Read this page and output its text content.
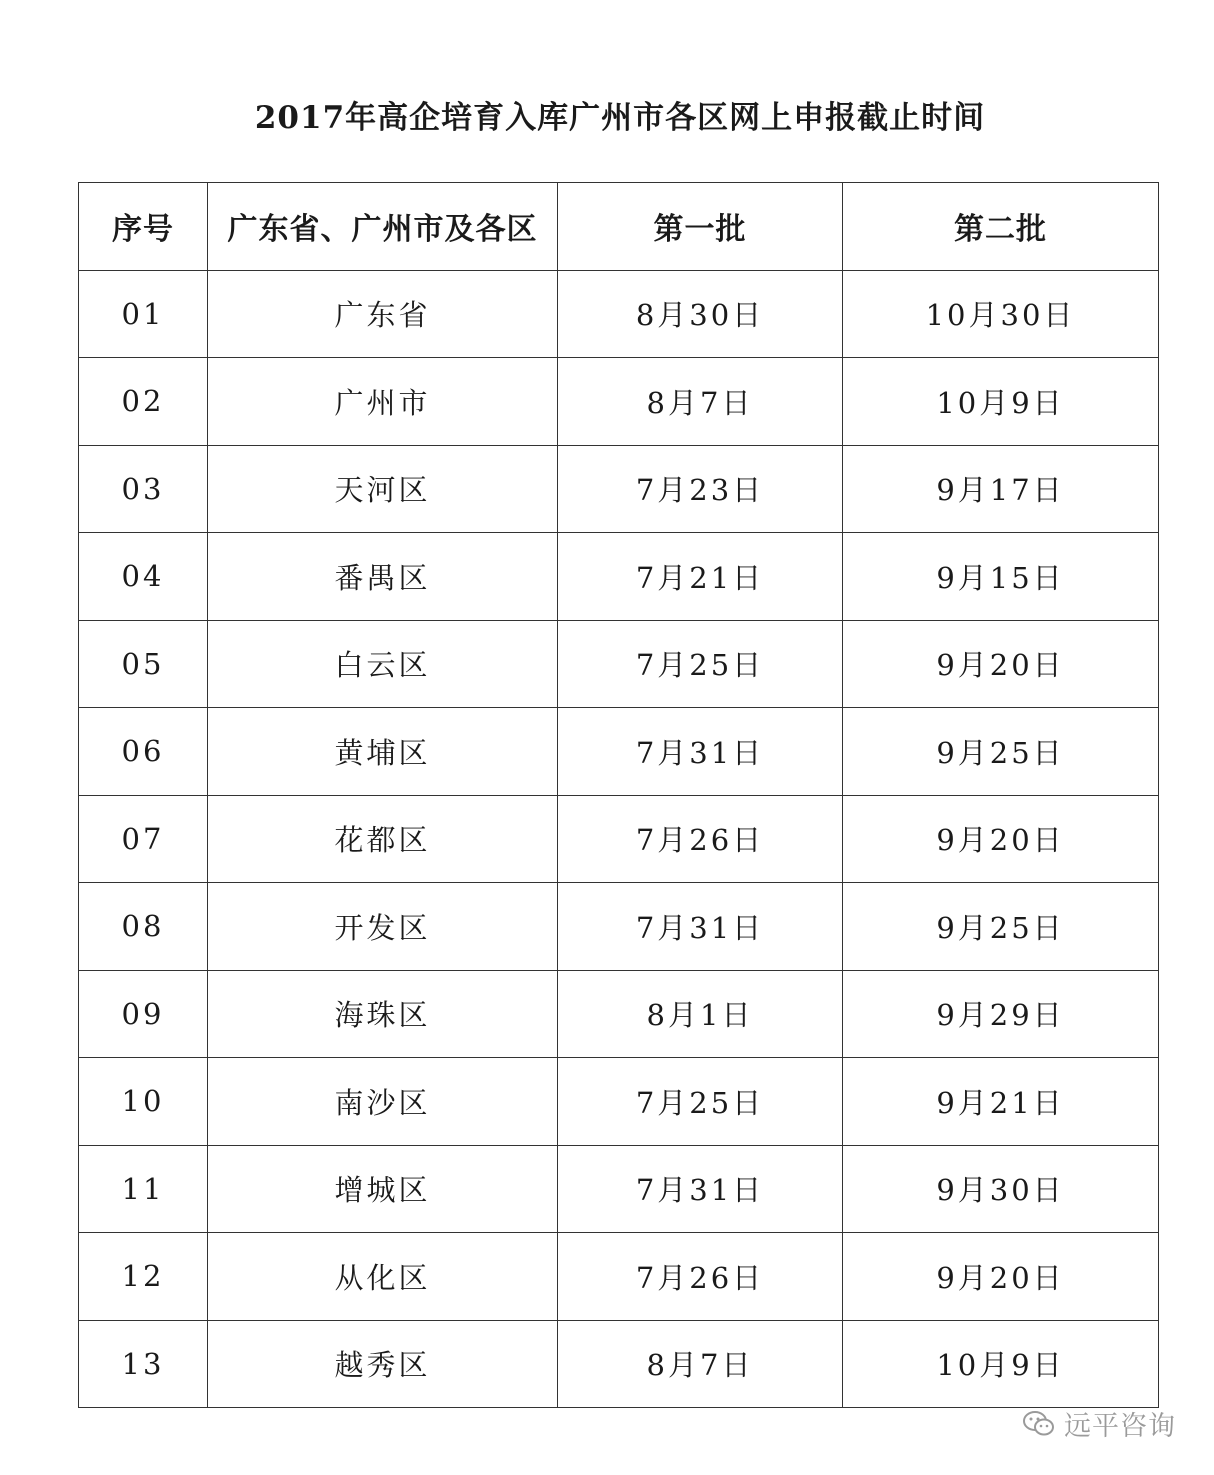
2017年高企培育入库广州市各区网上申报截止时间
序号	广东省、广州市及各区	第一批	第二批
01	广东省	8月30日	10月30日
02	广州市	8月7日	10月9日
03	天河区	7月23日	9月17日
04	番禺区	7月21日	9月15日
05	白云区	7月25日	9月20日
06	黄埔区	7月31日	9月25日
07	花都区	7月26日	9月20日
08	开发区	7月31日	9月25日
09	海珠区	8月1日	9月29日
10	南沙区	7月25日	9月21日
11	增城区	7月31日	9月30日
12	从化区	7月26日	9月20日
13	越秀区	8月7日	10月9日
远平咨询
